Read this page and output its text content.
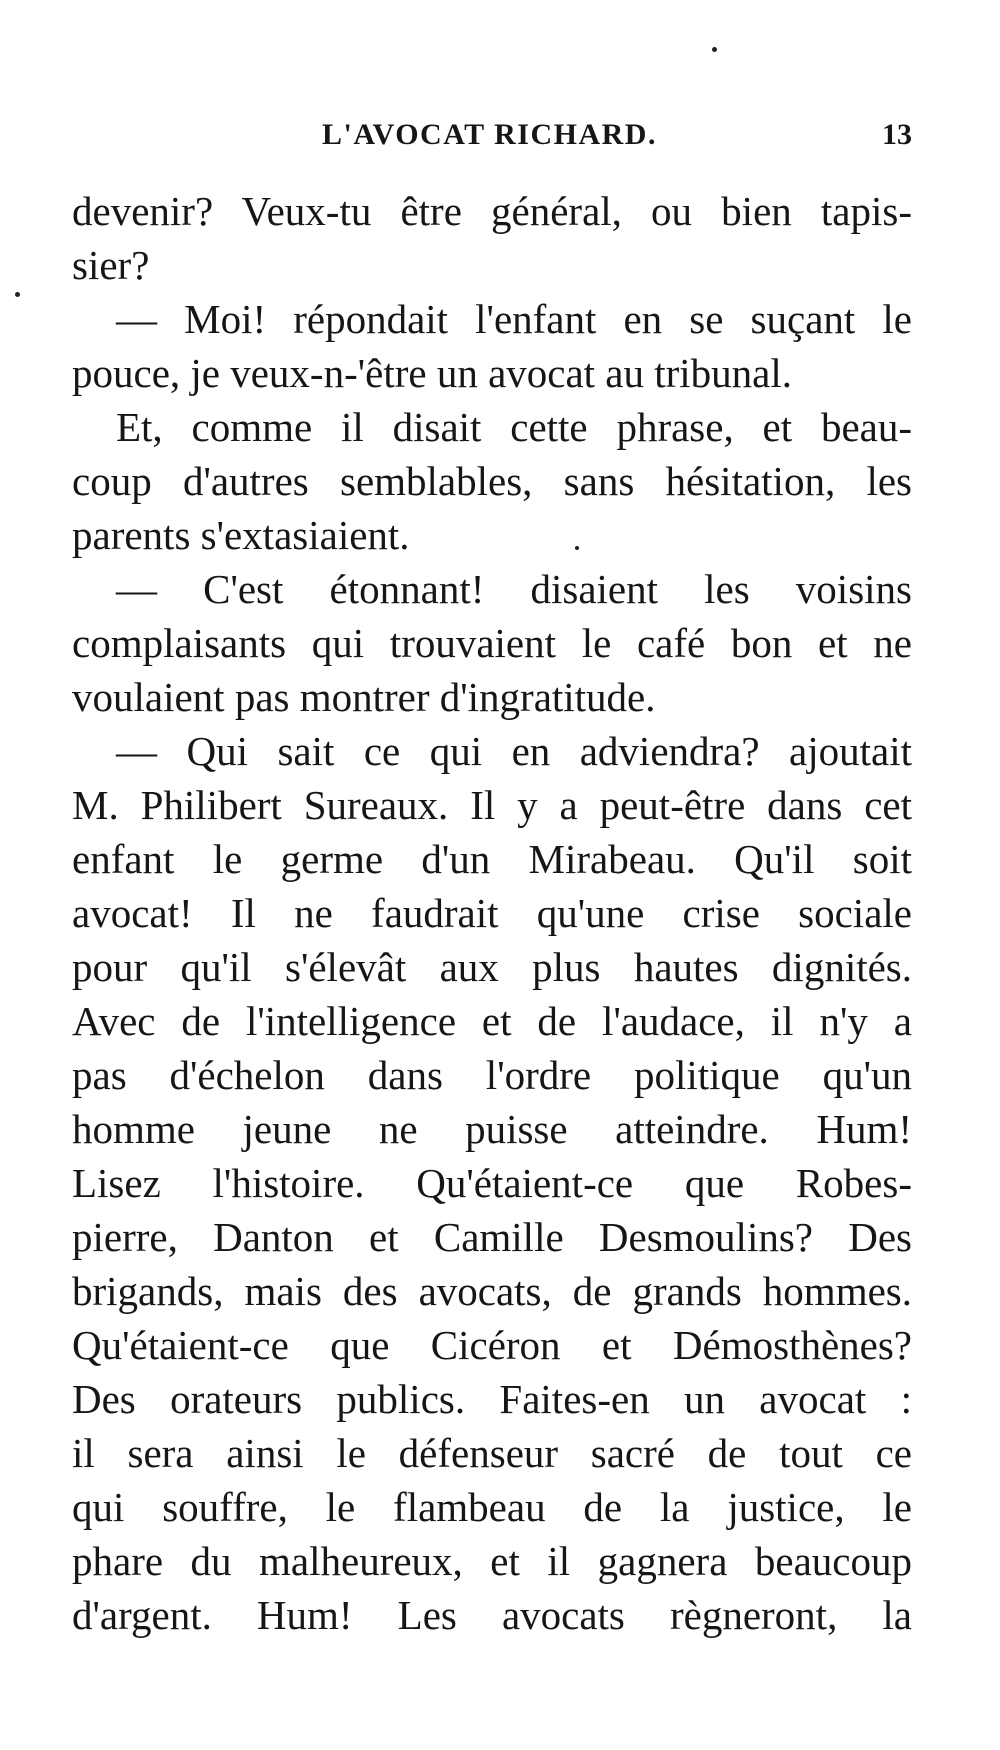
L'AVOCAT RICHARD.	13
devenir? Veux-tu être général, ou bien tapis-
sier?
— Moi! répondait l'enfant en se suçant le
pouce, je veux-n-'être un avocat au tribunal.
Et, comme il disait cette phrase, et beau-
coup d'autres semblables, sans hésitation, les
parents s'extasiaient.
— C'est étonnant! disaient les voisins
complaisants qui trouvaient le café bon et ne
voulaient pas montrer d'ingratitude.
— Qui sait ce qui en adviendra? ajoutait
M. Philibert Sureaux. Il y a peut-être dans cet
enfant le germe d'un Mirabeau. Qu'il soit
avocat! Il ne faudrait qu'une crise sociale
pour qu'il s'élevât aux plus hautes dignités.
Avec de l'intelligence et de l'audace, il n'y a
pas d'échelon dans l'ordre politique qu'un
homme jeune ne puisse atteindre. Hum!
Lisez l'histoire. Qu'étaient-ce que Robes-
pierre, Danton et Camille Desmoulins? Des
brigands, mais des avocats, de grands hommes.
Qu'étaient-ce que Cicéron et Démosthènes?
Des orateurs publics. Faites-en un avocat :
il sera ainsi le défenseur sacré de tout ce
qui souffre, le flambeau de la justice, le
phare du malheureux, et il gagnera beaucoup
d'argent. Hum! Les avocats règneront, la
